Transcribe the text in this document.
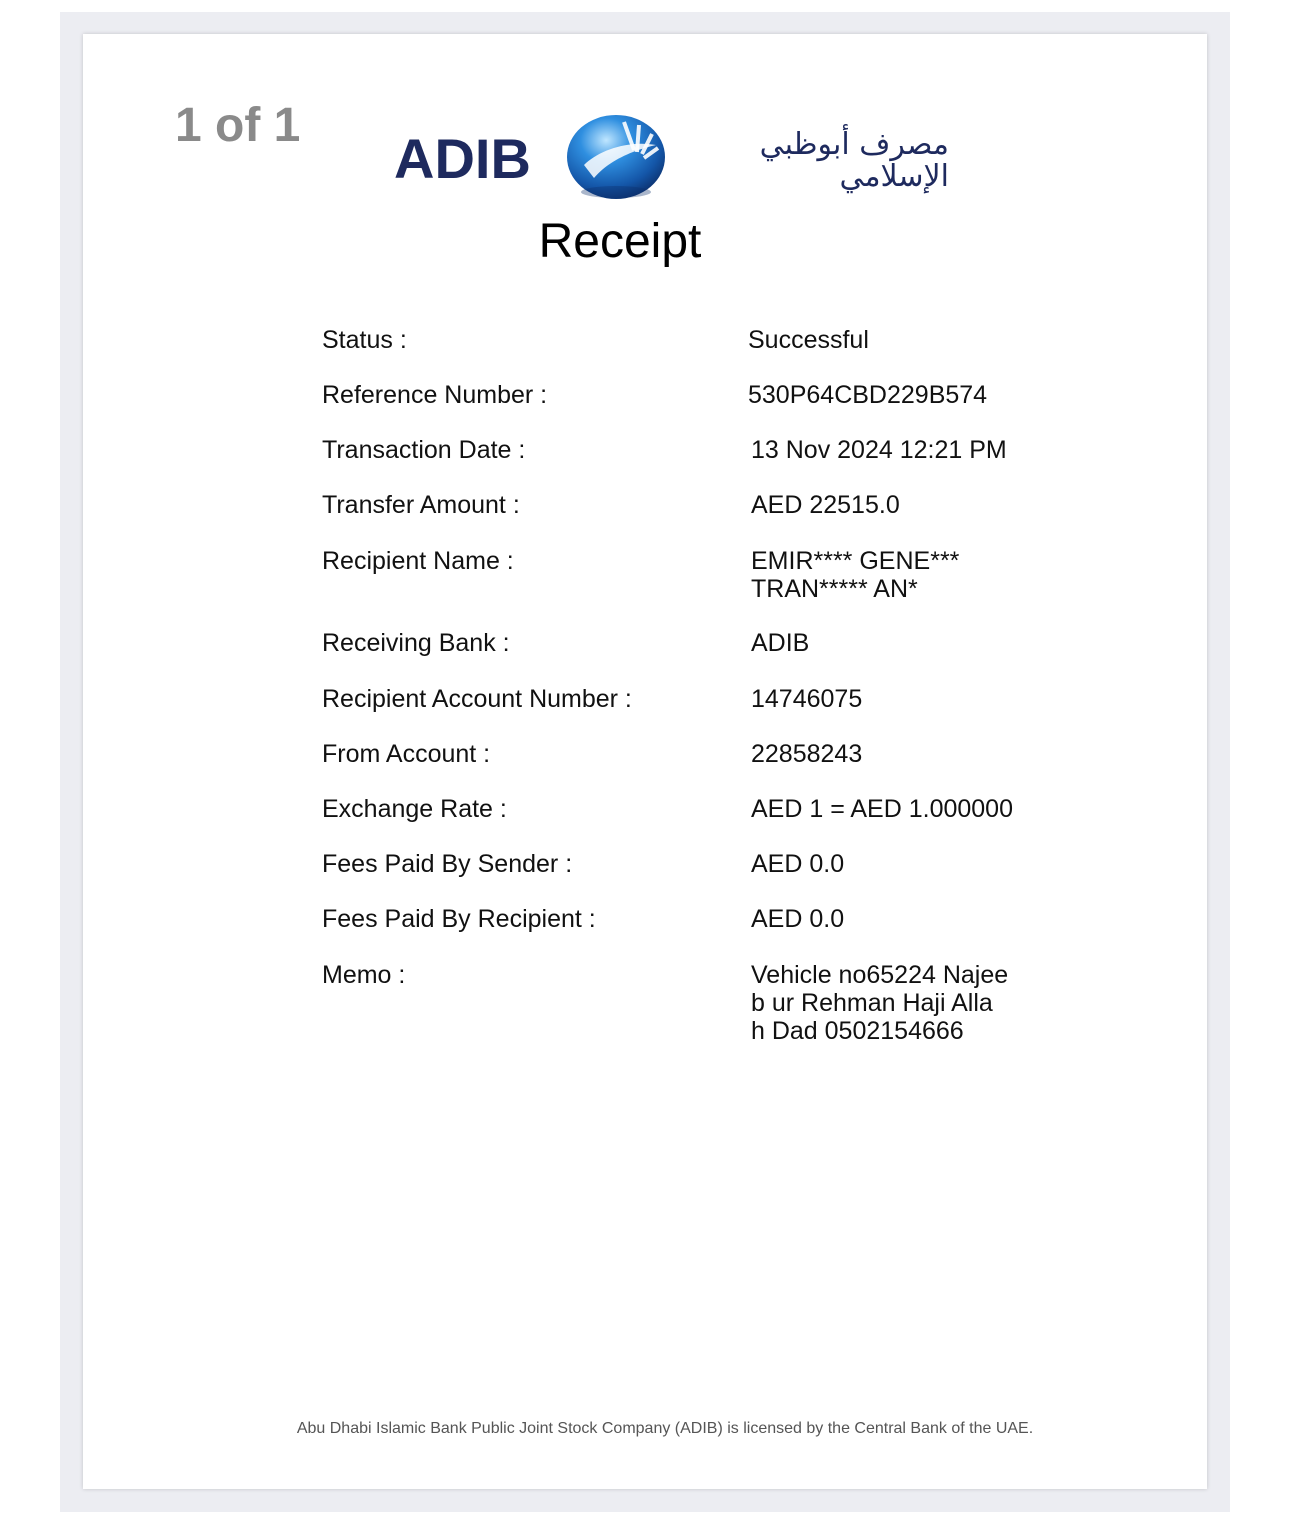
1 of 1
ADIB	مصرف أبوظبي
الإسلامي
Receipt
Status :	Successful
Reference Number :	530P64CBD229B574
Transaction Date :	13 Nov 2024 12:21 PM
Transfer Amount :	AED 22515.0
Recipient Name :	EMIR**** GENE***
TRAN***** AN*
Receiving Bank :	ADIB
Recipient Account Number :	14746075
From Account :	22858243
Exchange Rate :	AED 1 = AED 1.000000
Fees Paid By Sender :	AED 0.0
Fees Paid By Recipient :	AED 0.0
Memo :	Vehicle no65224 Najee
b ur Rehman Haji Alla
h Dad 0502154666
Abu Dhabi Islamic Bank Public Joint Stock Company (ADIB) is licensed by the Central Bank of the UAE.
